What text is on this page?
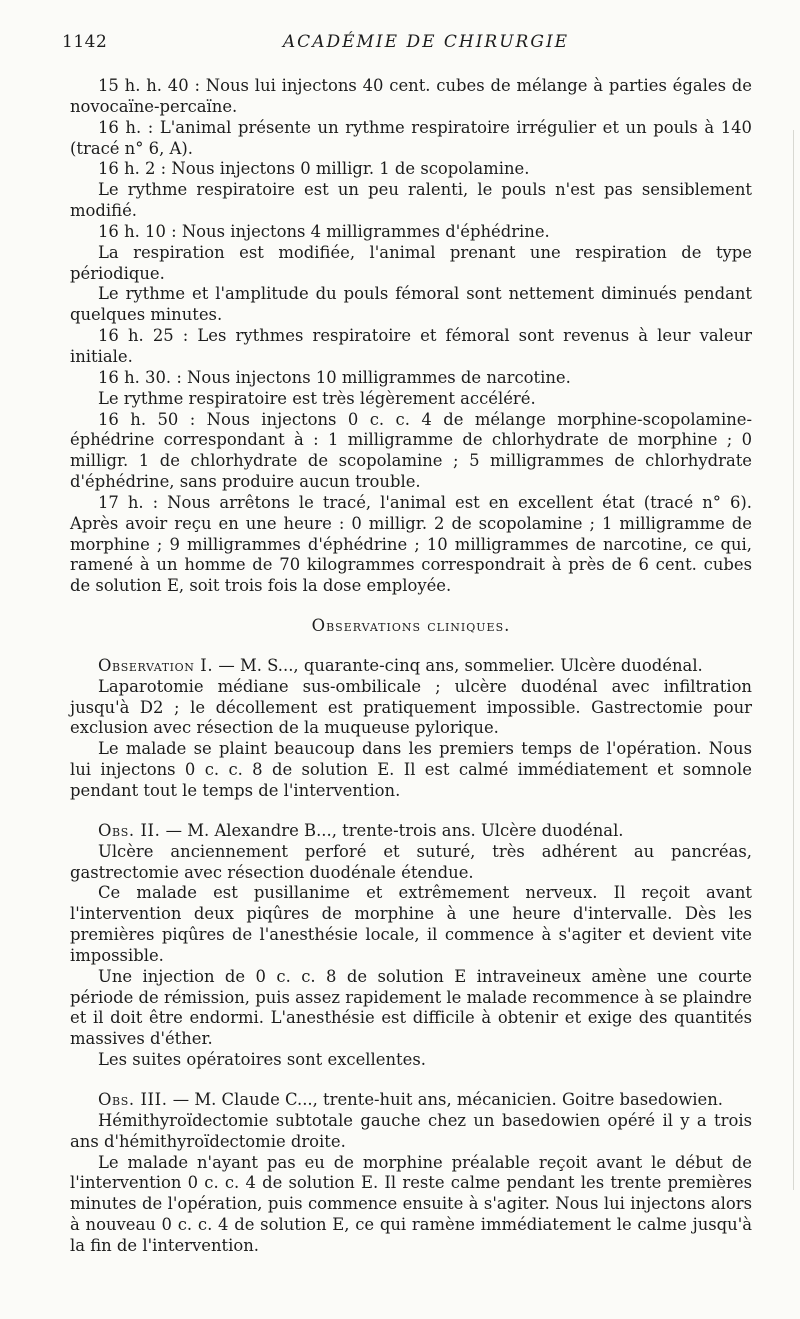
1142	ACADÉMIE DE CHIRURGIE

15 h. h. 40 : Nous lui injectons 40 cent. cubes de mélange à parties égales de novocaïne-percaïne.

16 h. : L'animal présente un rythme respiratoire irrégulier et un pouls à 140 (tracé n° 6, A).

16 h. 2 : Nous injectons 0 milligr. 1 de scopolamine.

Le rythme respiratoire est un peu ralenti, le pouls n'est pas sensiblement modifié.

16 h. 10 : Nous injectons 4 milligrammes d'éphédrine.

La respiration est modifiée, l'animal prenant une respiration de type périodique.

Le rythme et l'amplitude du pouls fémoral sont nettement diminués pendant quelques minutes.

16 h. 25 : Les rythmes respiratoire et fémoral sont revenus à leur valeur initiale.

16 h. 30. : Nous injectons 10 milligrammes de narcotine.

Le rythme respiratoire est très légèrement accéléré.

16 h. 50 : Nous injectons 0 c. c. 4 de mélange morphine-scopolamine-éphédrine correspondant à : 1 milligramme de chlorhydrate de morphine ; 0 milligr. 1 de chlorhydrate de scopolamine ; 5 milligrammes de chlorhydrate d'éphédrine, sans produire aucun trouble.

17 h. : Nous arrêtons le tracé, l'animal est en excellent état (tracé n° 6). Après avoir reçu en une heure : 0 milligr. 2 de scopolamine ; 1 milligramme de morphine ; 9 milligrammes d'éphédrine ; 10 milligrammes de narcotine, ce qui, ramené à un homme de 70 kilogrammes correspondrait à près de 6 cent. cubes de solution E, soit trois fois la dose employée.

Observations cliniques.

Observation I. — M. S..., quarante-cinq ans, sommelier. Ulcère duodénal.

Laparotomie médiane sus-ombilicale ; ulcère duodénal avec infiltration jusqu'à D2 ; le décollement est pratiquement impossible. Gastrectomie pour exclusion avec résection de la muqueuse pylorique.

Le malade se plaint beaucoup dans les premiers temps de l'opération. Nous lui injectons 0 c. c. 8 de solution E. Il est calmé immédiatement et somnole pendant tout le temps de l'intervention.

Obs. II. — M. Alexandre B..., trente-trois ans. Ulcère duodénal.

Ulcère anciennement perforé et suturé, très adhérent au pancréas, gastrectomie avec résection duodénale étendue.

Ce malade est pusillanime et extrêmement nerveux. Il reçoit avant l'intervention deux piqûres de morphine à une heure d'intervalle. Dès les premières piqûres de l'anesthésie locale, il commence à s'agiter et devient vite impossible.

Une injection de 0 c. c. 8 de solution E intraveineux amène une courte période de rémission, puis assez rapidement le malade recommence à se plaindre et il doit être endormi. L'anesthésie est difficile à obtenir et exige des quantités massives d'éther.

Les suites opératoires sont excellentes.

Obs. III. — M. Claude C..., trente-huit ans, mécanicien. Goitre basedowien.

Hémithyroïdectomie subtotale gauche chez un basedowien opéré il y a trois ans d'hémithyroïdectomie droite.

Le malade n'ayant pas eu de morphine préalable reçoit avant le début de l'intervention 0 c. c. 4 de solution E. Il reste calme pendant les trente premières minutes de l'opération, puis commence ensuite à s'agiter. Nous lui injectons alors à nouveau 0 c. c. 4 de solution E, ce qui ramène immédiatement le calme jusqu'à la fin de l'intervention.
